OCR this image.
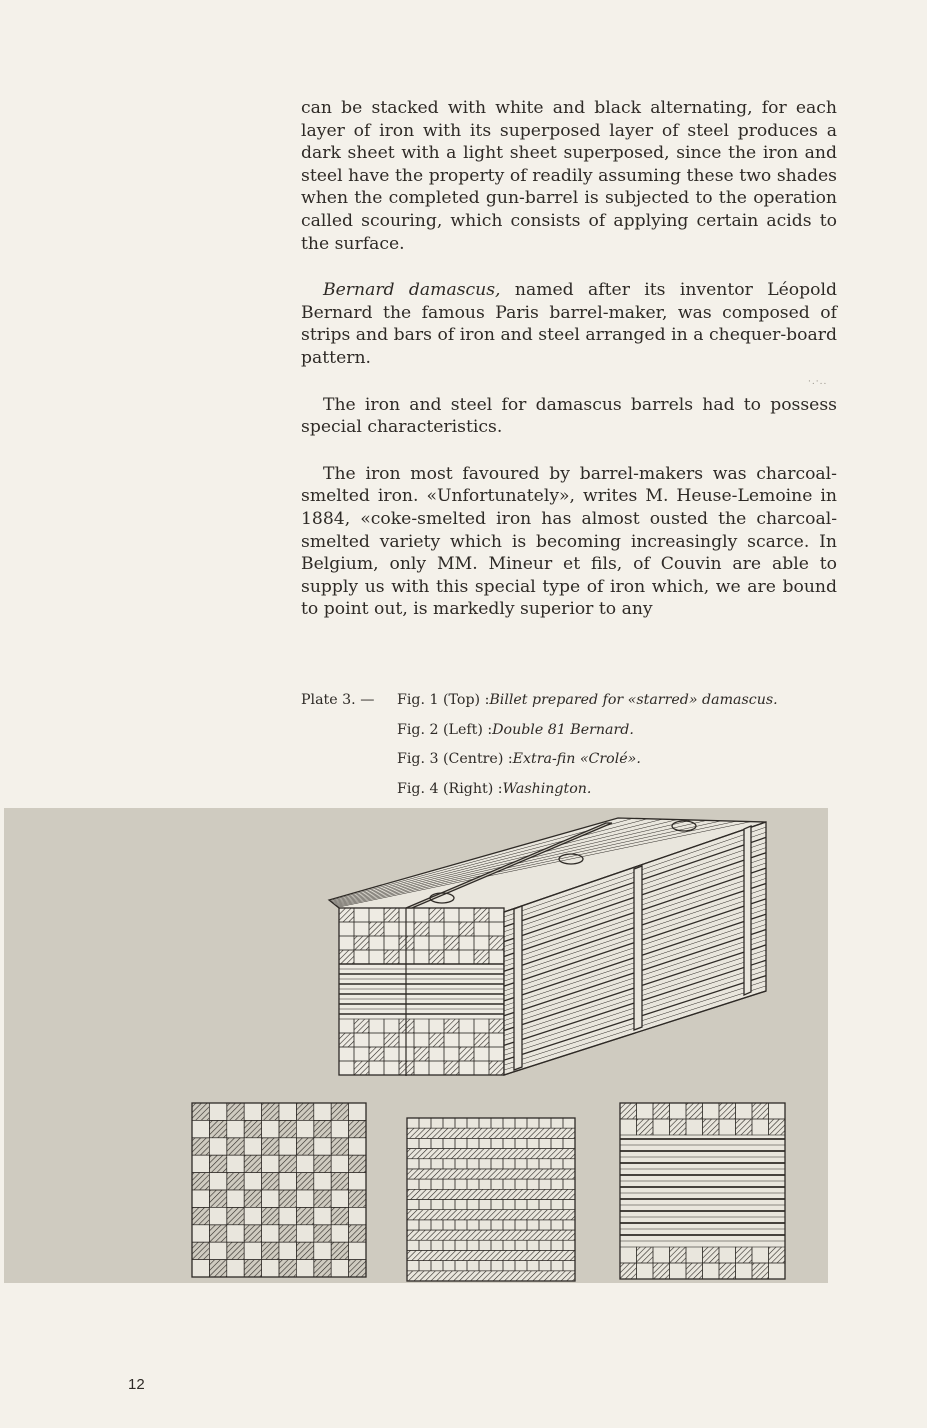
can be stacked with white and black alternating, for each layer of iron with its superposed layer of steel produces a dark sheet with a light sheet superposed, since the iron and steel have the property of readily assuming these two shades when the completed gun-barrel is subjected to the operation called scouring, which consists of applying certain acids to the surface.

Bernard damascus, named after its inventor Léopold Bernard the famous Paris barrel-maker, was composed of strips and bars of iron and steel arranged in a chequer-board pattern.

The iron and steel for damascus barrels had to possess special characteristics.

The iron most favoured by barrel-makers was charcoal-smelted iron. «Unfortunately», writes M. Heuse-Lemoine in 1884, «coke-smelted iron has almost ousted the charcoal-smelted variety which is becoming increasingly scarce. In Belgium, only MM. Mineur et fils, of Couvin are able to supply us with this special type of iron which, we are bound to point out, is markedly superior to any

·.·..
Plate 3. —	Fig. 1 (Top) : Billet prepared for «starred» damascus.
Fig. 2 (Left) : Double 81 Bernard.
Fig. 3 (Centre) : Extra-fin «Crolé».
Fig. 4 (Right) : Washington.
12
